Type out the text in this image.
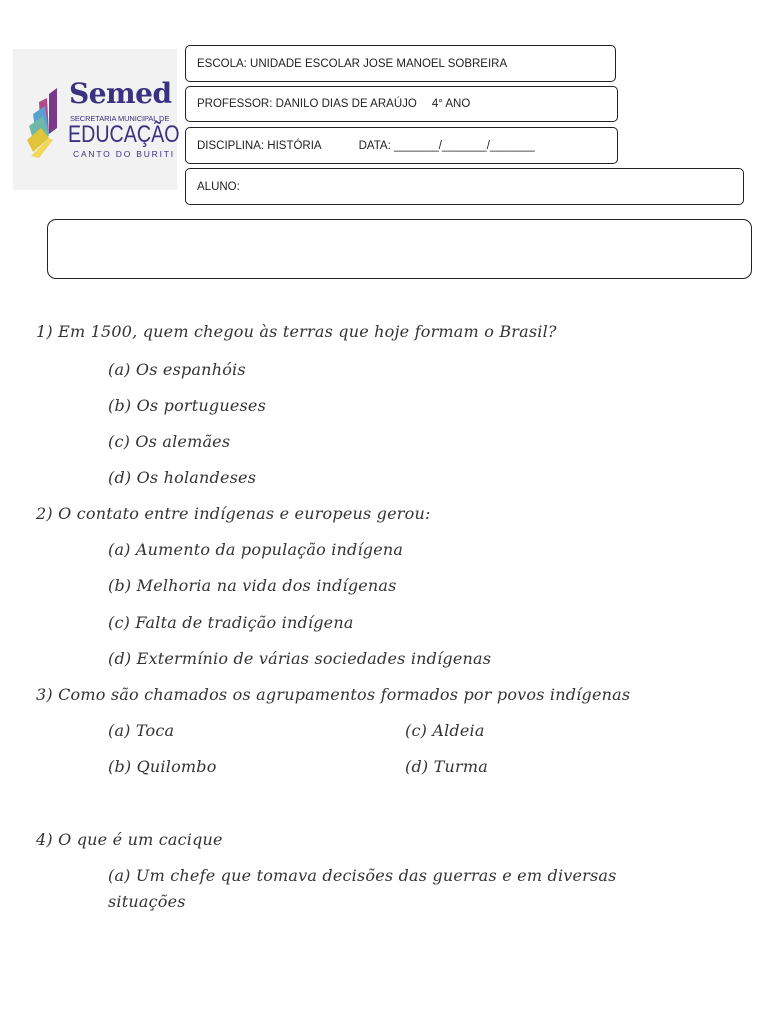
Semed
SECRETARIA MUNICIPAL DE
EDUCAÇÃO
CANTO DO BURITI
ESCOLA: UNIDADE ESCOLAR JOSE MANOEL SOBREIRA
PROFESSOR: DANILO DIAS DE ARAÚJO 4° ANO
DISCIPLINA: HISTÓRIA	DATA: _______/_______/_______
ALUNO:
1) Em 1500, quem chegou às terras que hoje formam o Brasil?
(a) Os espanhóis
(b) Os portugueses
(c) Os alemães
(d) Os holandeses
2) O contato entre indígenas e europeus gerou:
(a) Aumento da população indígena
(b) Melhoria na vida dos indígenas
(c) Falta de tradição indígena
(d) Extermínio de várias sociedades indígenas
3) Como são chamados os agrupamentos formados por povos indígenas
(a) Toca
(b) Quilombo
(c) Aldeia
(d) Turma
4) O que é um cacique
(a) Um chefe que tomava decisões das guerras e em diversas
situações
